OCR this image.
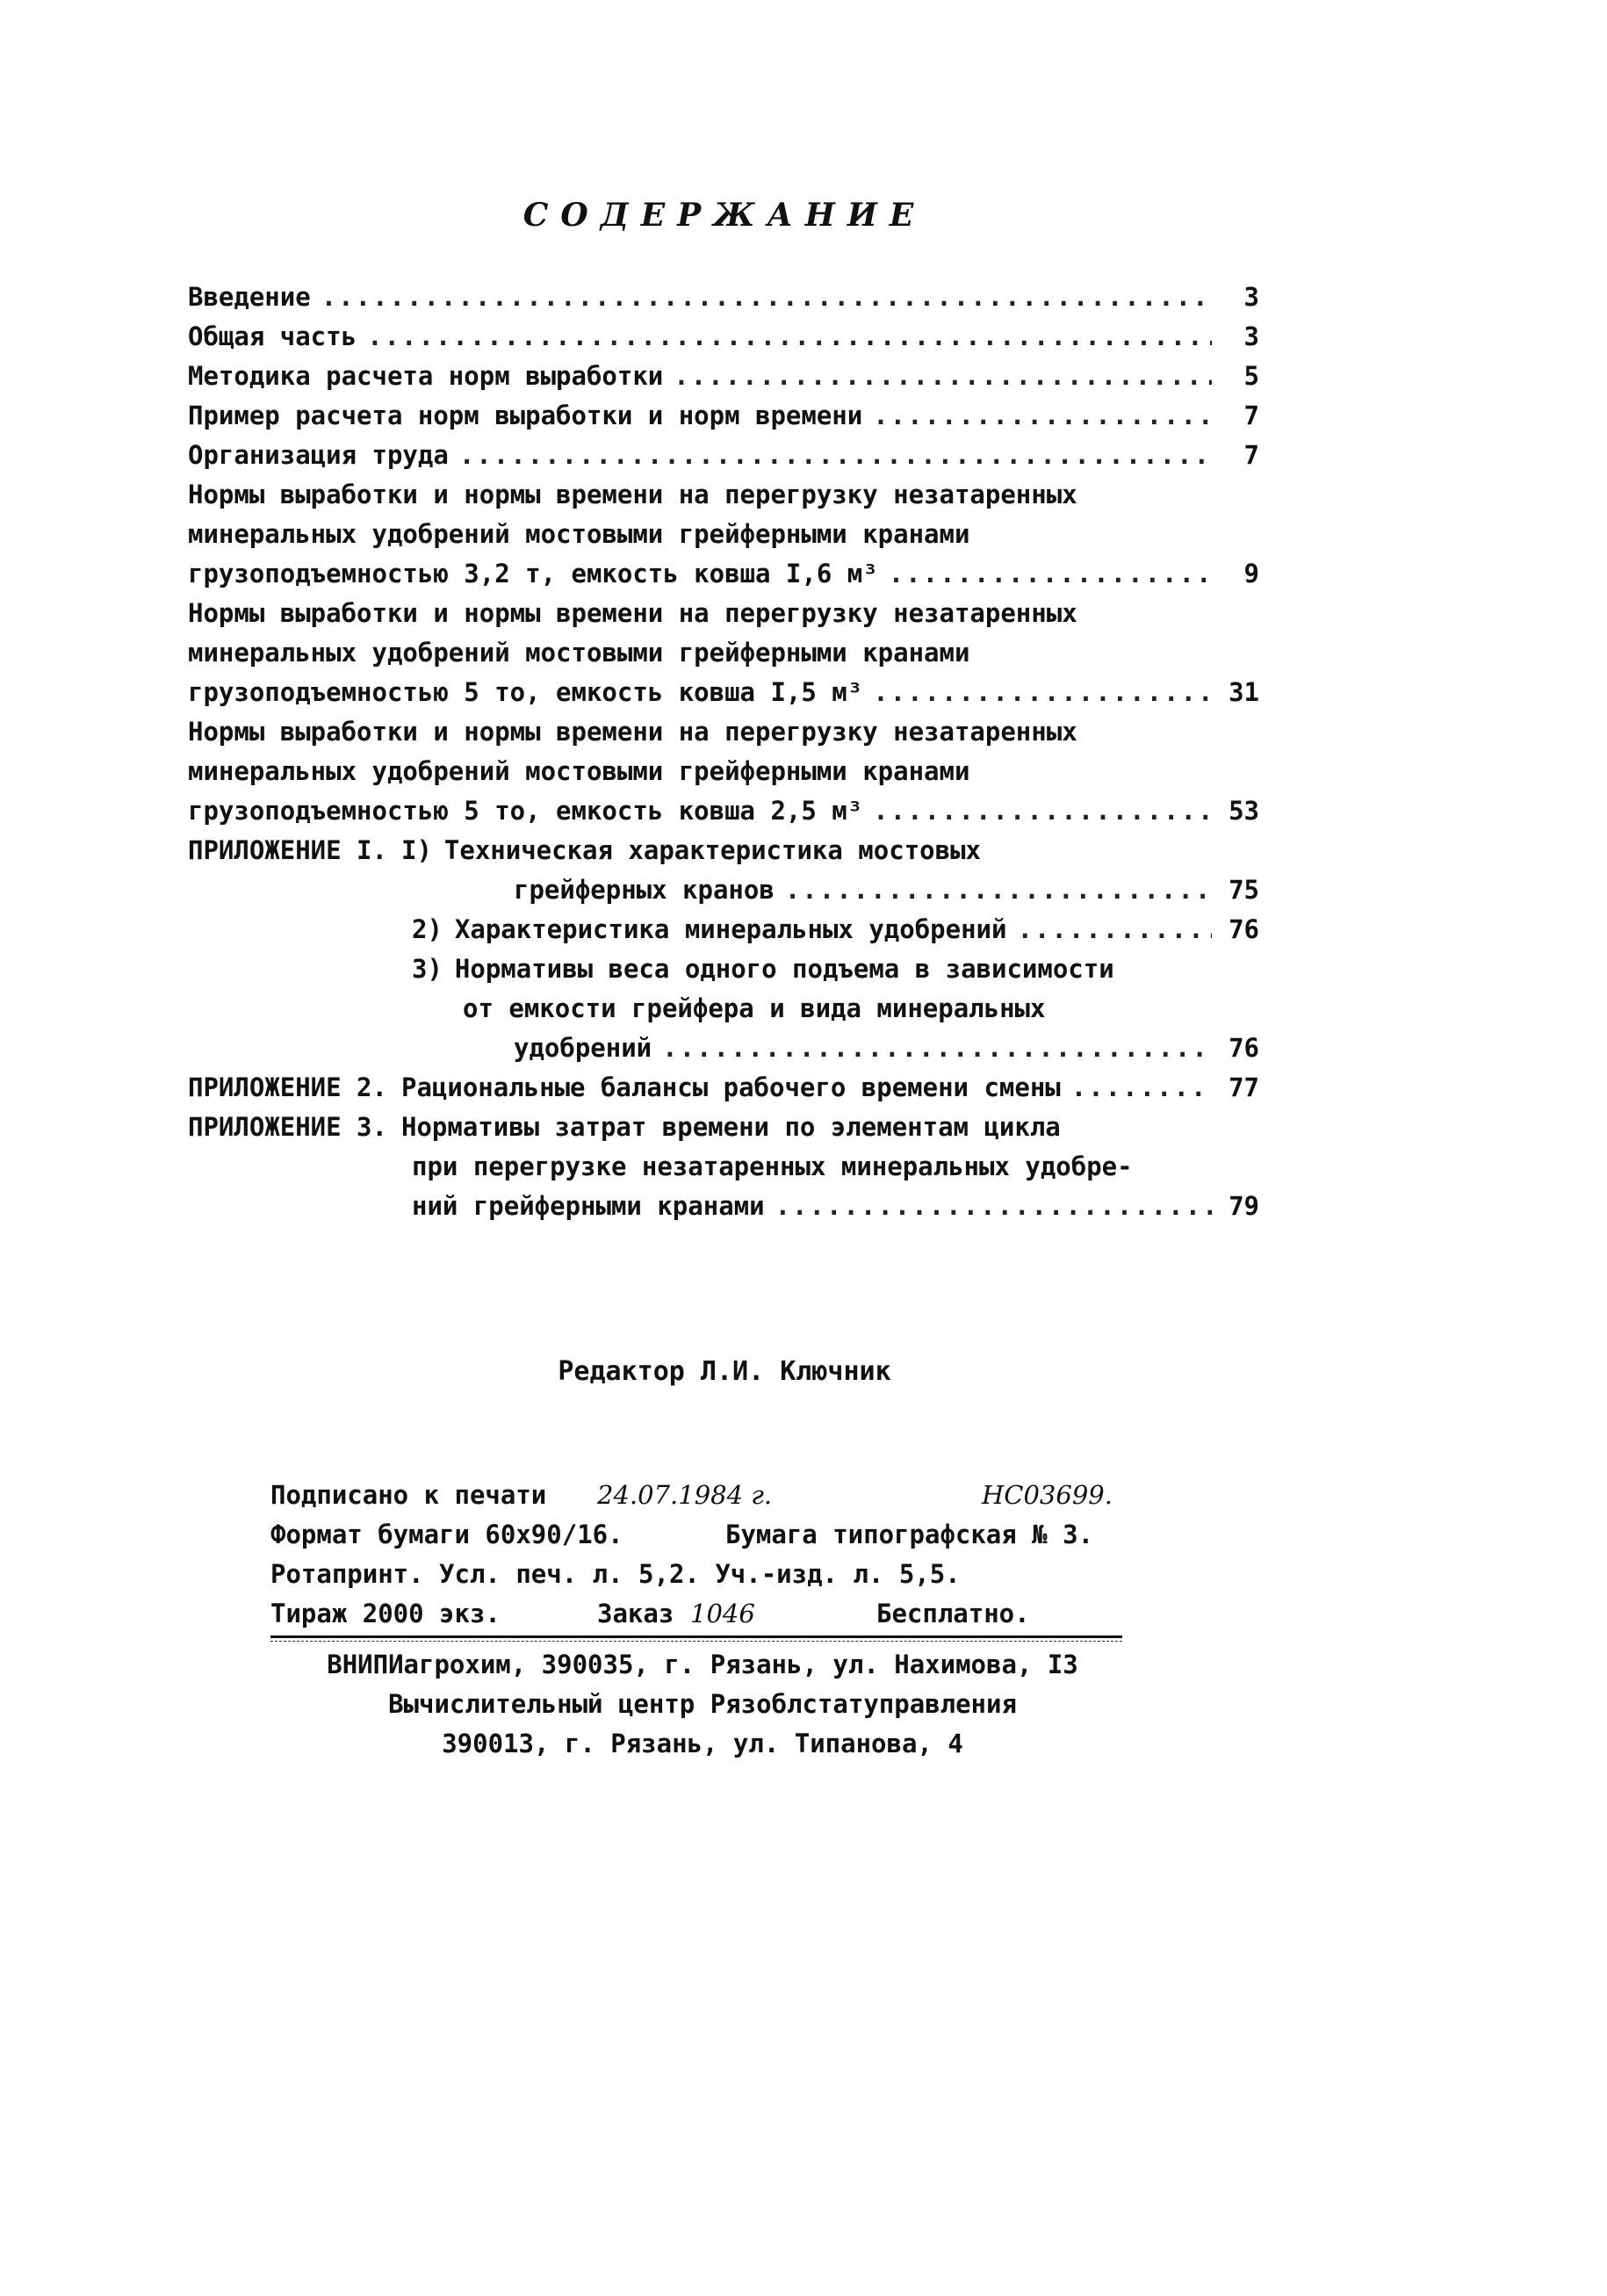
СОДЕРЖАНИЕ
Введение .....	3
Общая часть .....	3
Методика расчета норм выработки .....	5
Пример расчета норм выработки и норм времени .....	7
Организация труда .....	7
Нормы выработки и нормы времени на перегрузку незатаренных
минеральных удобрений мостовыми грейферными кранами
грузоподъемностью 3,2 т, емкость ковша I,6 м³ .....	9
Нормы выработки и нормы времени на перегрузку незатаренных
минеральных удобрений мостовыми грейферными кранами
грузоподъемностью 5 то, емкость ковша I,5 м³ .....	31
Нормы выработки и нормы времени на перегрузку незатаренных
минеральных удобрений мостовыми грейферными кранами
грузоподъемностью 5 то, емкость ковша 2,5 м³ .....	53
ПРИЛОЖЕНИЕ I. I) Техническая характеристика мостовых
грейферных кранов .....	75
2) Характеристика минеральных удобрений .....	76
3) Нормативы веса одного подъема в зависимости
от емкости грейфера и вида минеральных
удобрений .....	76
ПРИЛОЖЕНИЕ 2. Рациональные балансы рабочего времени смены .....	77
ПРИЛОЖЕНИЕ 3. Нормативы затрат времени по элементам цикла
при перегрузке незатаренных минеральных удобре-
ний грейферными кранами .....	79
Редактор Л.И. Ключник
Подписано к печати 24.07.1984 г.	НС03699.
Формат бумаги 60х90/16.	Бумага типографская № 3.
Ротапринт. Усл. печ. л. 5,2. Уч.-изд. л. 5,5.
Тираж 2000 экз.	Заказ 1046	Бесплатно.
ВНИПИагрохим, 390035, г. Рязань, ул. Нахимова, I3
Вычислительный центр Рязоблстатуправления
390013, г. Рязань, ул. Типанова, 4
